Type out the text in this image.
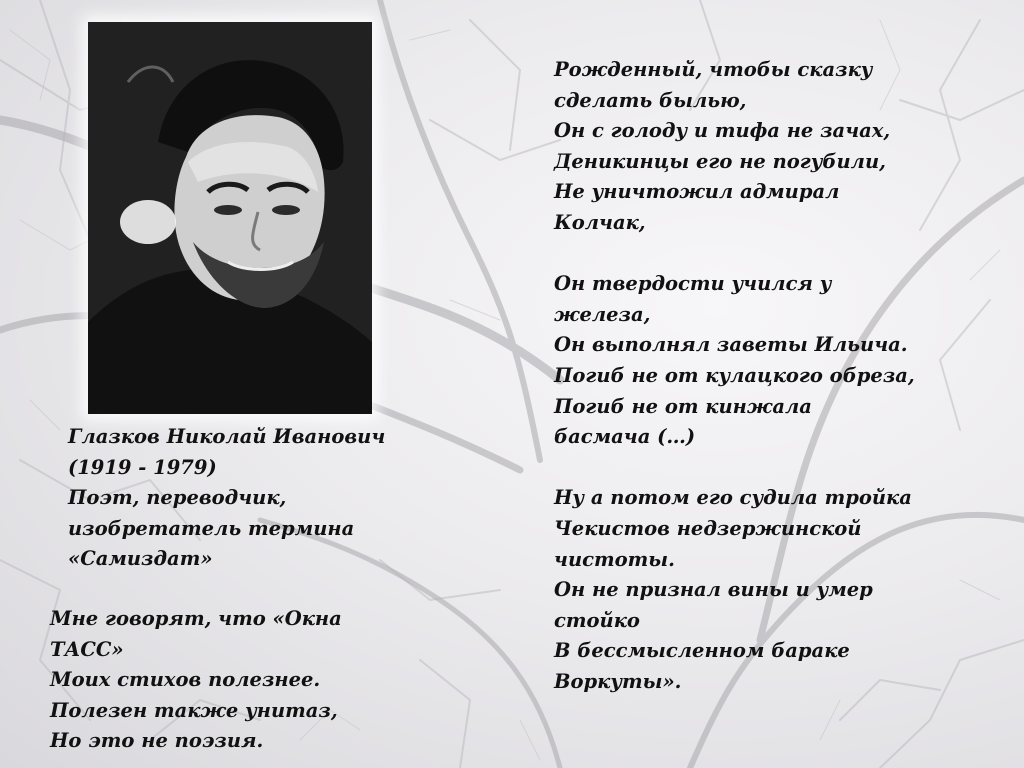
Глазков Николай Иванович
(1919 - 1979)
Поэт, переводчик,
изобретатель термина
«Самиздат»

Мне говорят, что «Окна
ТАСС»
Моих стихов полезнее.
Полезен также унитаз,
Но это не поэзия.

Рожденный, чтобы сказку
сделать былью,
Он с голоду и тифа не зачах,
Деникинцы его не погубили,
Не уничтожил адмирал
Колчак,

Он твердости учился у
железа,
Он выполнял заветы Ильича.
Погиб не от кулацкого обреза,
Погиб не от кинжала
басмача (…)

Ну а потом его судила тройка
Чекистов недзержинской
чистоты.
Он не признал вины и умер
стойко
В бессмысленном бараке
Воркуты».
